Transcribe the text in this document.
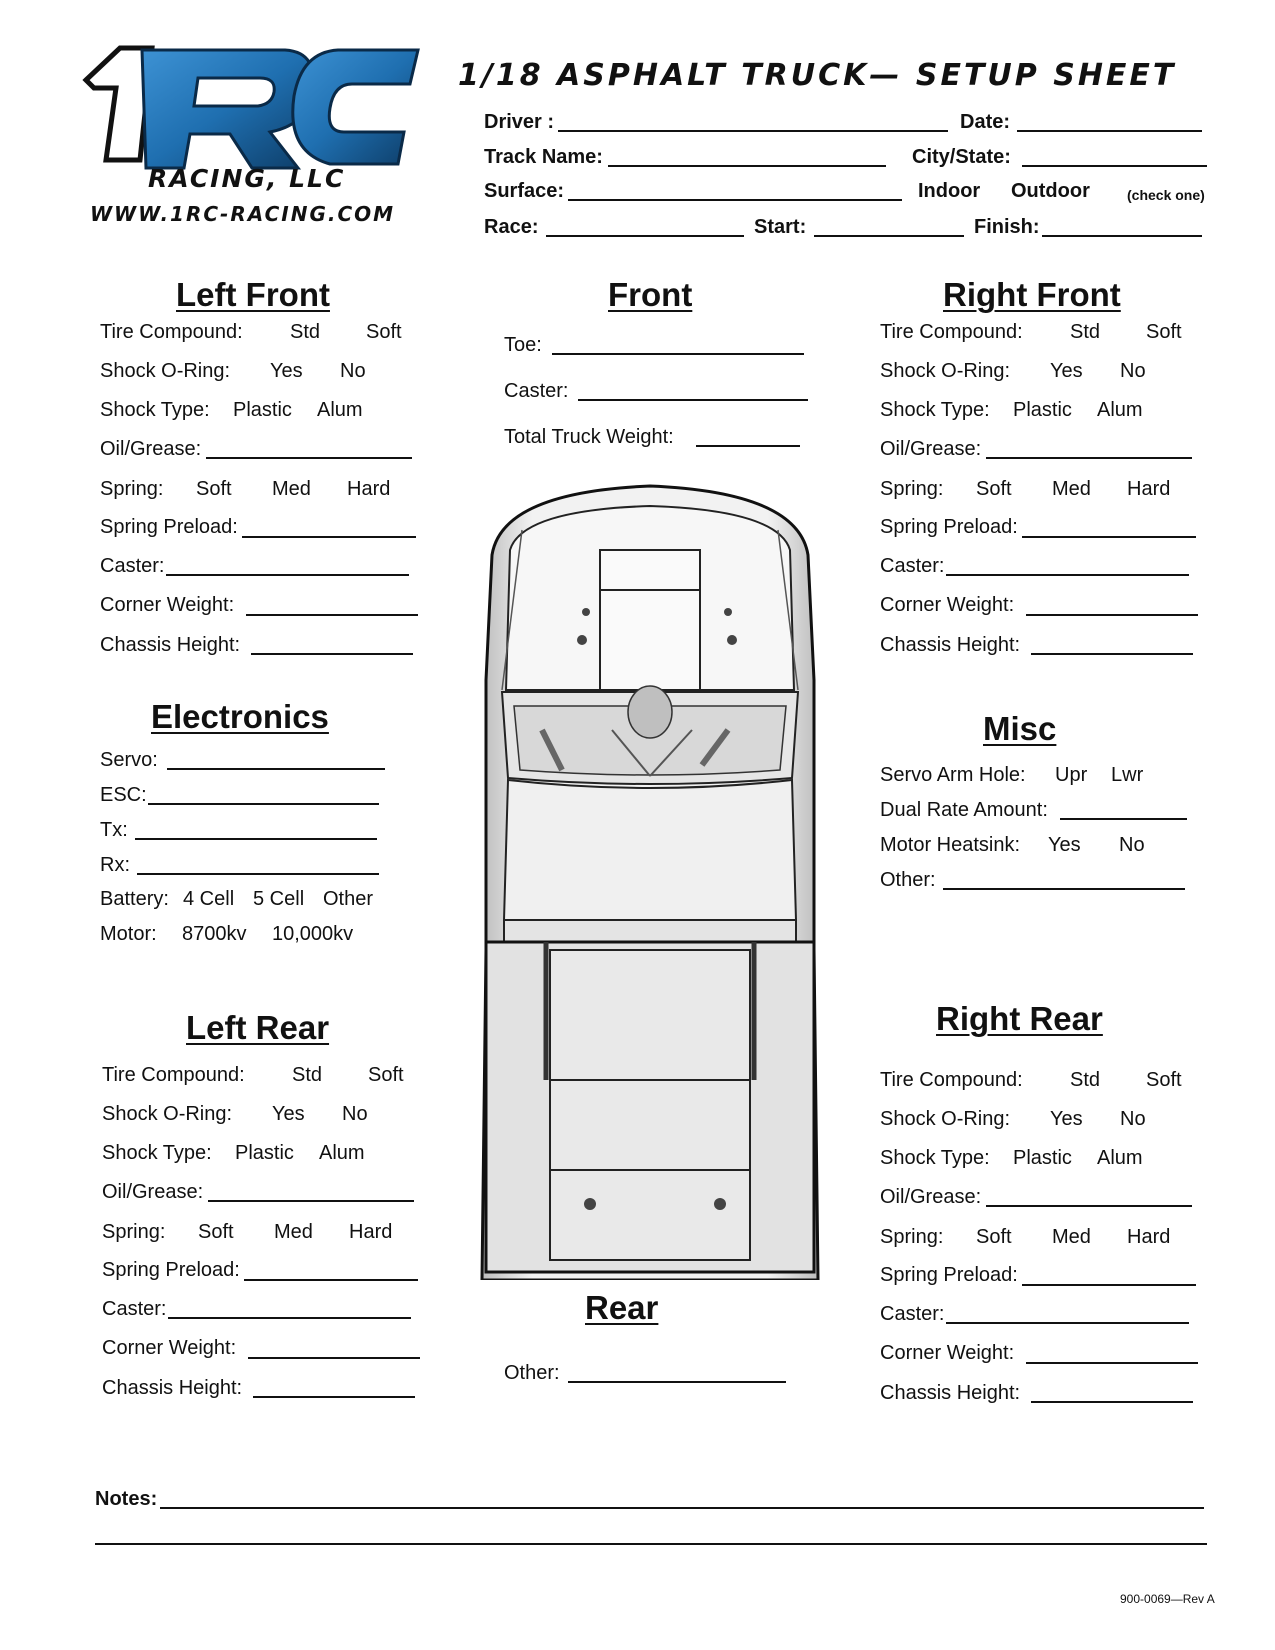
RACING, LLC
WWW.1RC-RACING.COM
1/18 ASPHALT TRUCK— SETUP SHEET
Driver :	Date:
Track Name:	City/State:
Surface:	Indoor Outdoor	(check one)
Race:	Start:	Finish:
Left Front
Tire Compound: Std Soft
Shock O-Ring: Yes No
Shock Type: Plastic Alum
Oil/Grease:
Spring: Soft Med Hard
Spring Preload:
Caster:
Corner Weight:
Chassis Height:
Front
Toe:
Caster:
Total Truck Weight:
Right Front
Tire Compound: Std Soft
Shock O-Ring: Yes No
Shock Type: Plastic Alum
Oil/Grease:
Spring: Soft Med Hard
Spring Preload:
Caster:
Corner Weight:
Chassis Height:
Electronics
Servo:
ESC:
Tx:
Rx:
Battery: 4 Cell 5 Cell Other
Motor: 8700kv 10,000kv
Misc
Servo Arm Hole: Upr Lwr
Dual Rate Amount:
Motor Heatsink: Yes No
Other:
Left Rear
Tire Compound: Std Soft
Shock O-Ring: Yes No
Shock Type: Plastic Alum
Oil/Grease:
Spring: Soft Med Hard
Spring Preload:
Caster:
Corner Weight:
Chassis Height:
Right Rear
Tire Compound: Std Soft
Shock O-Ring: Yes No
Shock Type: Plastic Alum
Oil/Grease:
Spring: Soft Med Hard
Spring Preload:
Caster:
Corner Weight:
Chassis Height:
Rear
Other:
Notes:
900-0069—Rev A
